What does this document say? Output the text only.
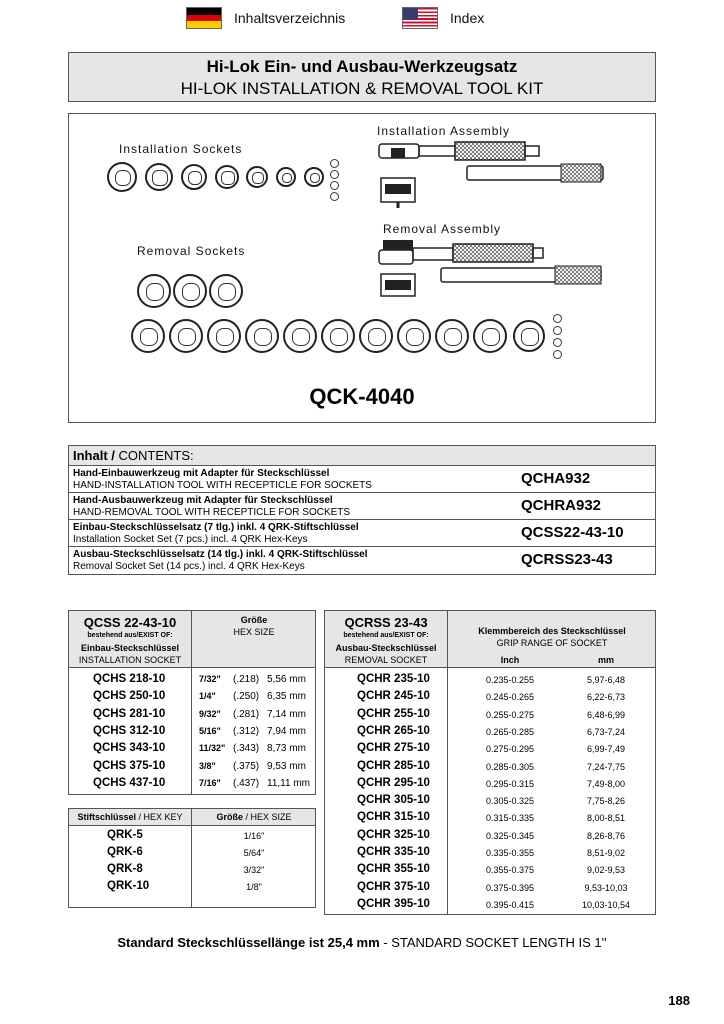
Inhaltsverzeichnis	Index
Hi-Lok Ein- und Ausbau-Werkzeugsatz
HI-LOK INSTALLATION & REMOVAL TOOL KIT
Installation Sockets
Installation Assembly
Removal Assembly
Removal Sockets
QCK-4040
Inhalt / CONTENTS:
Hand-Einbauwerkzeug mit Adapter für Steckschlüssel
HAND-INSTALLATION TOOL WITH RECEPTICLE FOR SOCKETS	QCHA932
Hand-Ausbauwerkzeug mit Adapter für Steckschlüssel
HAND-REMOVAL TOOL WITH RECEPTICLE FOR SOCKETS	QCHRA932
Einbau-Steckschlüsselsatz (7 tlg.) inkl. 4 QRK-Stiftschlüssel
Installation Socket Set (7 pcs.) incl. 4 QRK Hex-Keys	QCSS22-43-10
Ausbau-Steckschlüsselsatz (14 tlg.) inkl. 4 QRK-Stiftschlüssel
Removal Socket Set (14 pcs.) incl. 4 QRK Hex-Keys	QCRSS23-43
QCSS 22-43-10
bestehend aus/EXIST OF:
Einbau-Steckschlüssel
INSTALLATION SOCKET
Größe
HEX SIZE
QCHS 218-10	7/32" (.218) 5,56 mm
QCHS 250-10	1/4" (.250) 6,35 mm
QCHS 281-10	9/32" (.281) 7,14 mm
QCHS 312-10	5/16" (.312) 7,94 mm
QCHS 343-10	11/32" (.343) 8,73 mm
QCHS 375-10	3/8" (.375) 9,53 mm
QCHS 437-10	7/16" (.437) 11,11 mm
Stiftschlüssel / HEX KEY	Größe / HEX SIZE
QRK-5	1/16"
QRK-6	5/64"
QRK-8	3/32"
QRK-10	1/8"
QCRSS 23-43
bestehend aus/EXIST OF:
Ausbau-Steckschlüssel
REMOVAL SOCKET
Klemmbereich des Steckschlüssel
GRIP RANGE OF SOCKET
Inch	mm
QCHR 235-10	0.235-0.255	5,97-6,48
QCHR 245-10	0.245-0.265	6,22-6,73
QCHR 255-10	0.255-0.275	6,48-6,99
QCHR 265-10	0.265-0.285	6,73-7,24
QCHR 275-10	0.275-0.295	6,99-7,49
QCHR 285-10	0.285-0.305	7,24-7,75
QCHR 295-10	0.295-0.315	7,49-8,00
QCHR 305-10	0.305-0.325	7,75-8,26
QCHR 315-10	0.315-0.335	8,00-8,51
QCHR 325-10	0.325-0.345	8,26-8,76
QCHR 335-10	0.335-0.355	8,51-9,02
QCHR 355-10	0.355-0.375	9,02-9,53
QCHR 375-10	0.375-0.395	9,53-10,03
QCHR 395-10	0.395-0.415	10,03-10,54
Standard Steckschlüssellänge ist 25,4 mm - STANDARD SOCKET LENGTH IS 1''
188
